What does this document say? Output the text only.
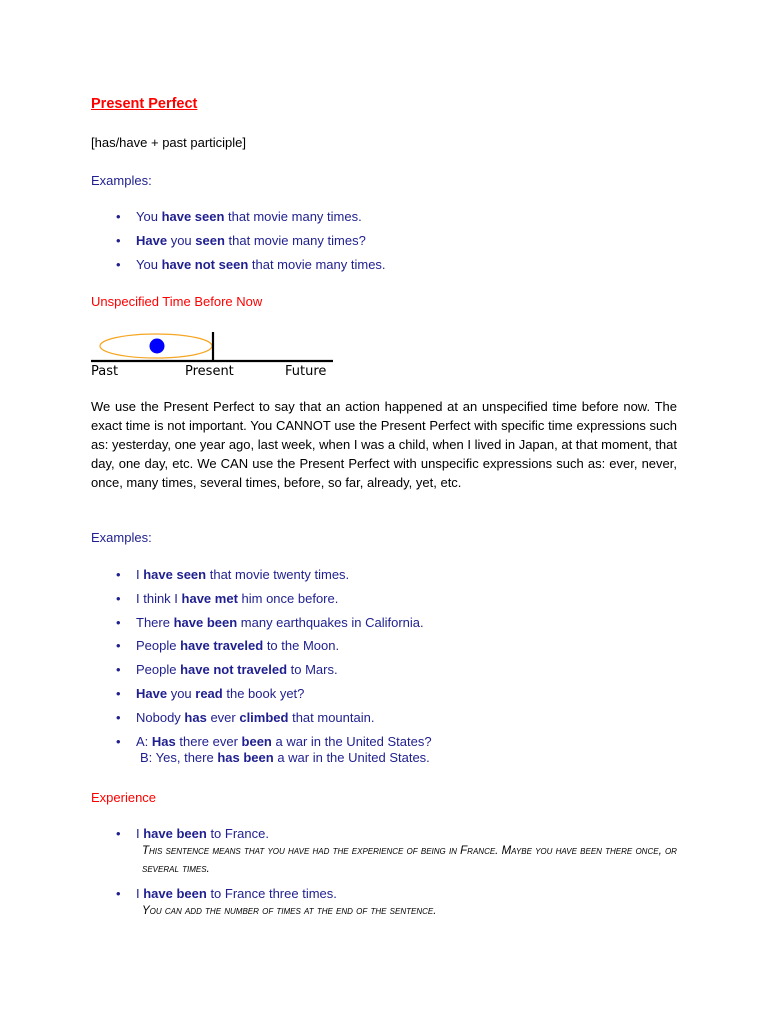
Present Perfect
[has/have + past participle]
Examples:
• You have seen that movie many times.
• Have you seen that movie many times?
• You have not seen that movie many times.
Unspecified Time Before Now
Past	Present	Future
We use the Present Perfect to say that an action happened at an unspecified time before now. The exact time is not important. You CANNOT use the Present Perfect with specific time expressions such as: yesterday, one year ago, last week, when I was a child, when I lived in Japan, at that moment, that day, one day, etc. We CAN use the Present Perfect with unspecific expressions such as: ever, never, once, many times, several times, before, so far, already, yet, etc.
Examples:
• I have seen that movie twenty times.
• I think I have met him once before.
• There have been many earthquakes in California.
• People have traveled to the Moon.
• People have not traveled to Mars.
• Have you read the book yet?
• Nobody has ever climbed that mountain.
• A: Has there ever been a war in the United States?
B: Yes, there has been a war in the United States.
Experience
• I have been to France.
This sentence means that you have had the experience of being in France. Maybe you have been there once, or several times.
• I have been to France three times.
You can add the number of times at the end of the sentence.
